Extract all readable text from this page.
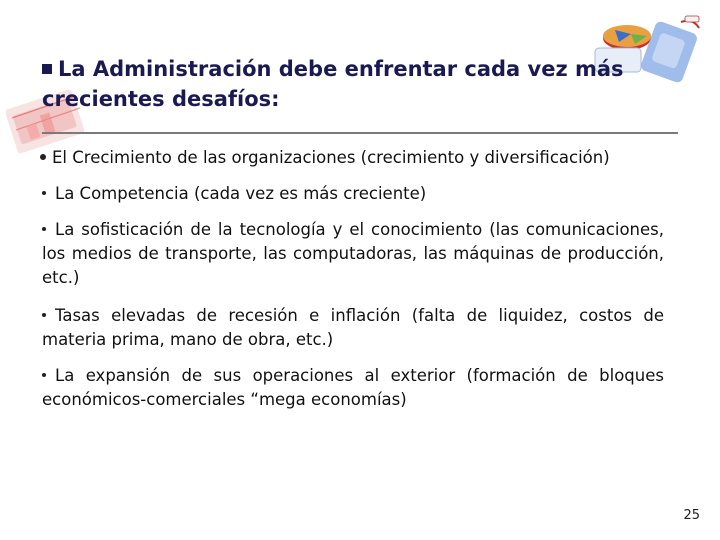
La Administración debe enfrentar cada vez más crecientes desafíos:
El Crecimiento de las organizaciones (crecimiento y diversificación)
La Competencia (cada vez es más creciente)
La sofisticación de la tecnología y el conocimiento (las comunicaciones, los medios de transporte, las computadoras, las máquinas de producción, etc.)
Tasas elevadas de recesión e inflación (falta de liquidez, costos de materia prima, mano de obra, etc.)
La expansión de sus operaciones al exterior (formación de bloques económicos-comerciales “mega economías)
25
